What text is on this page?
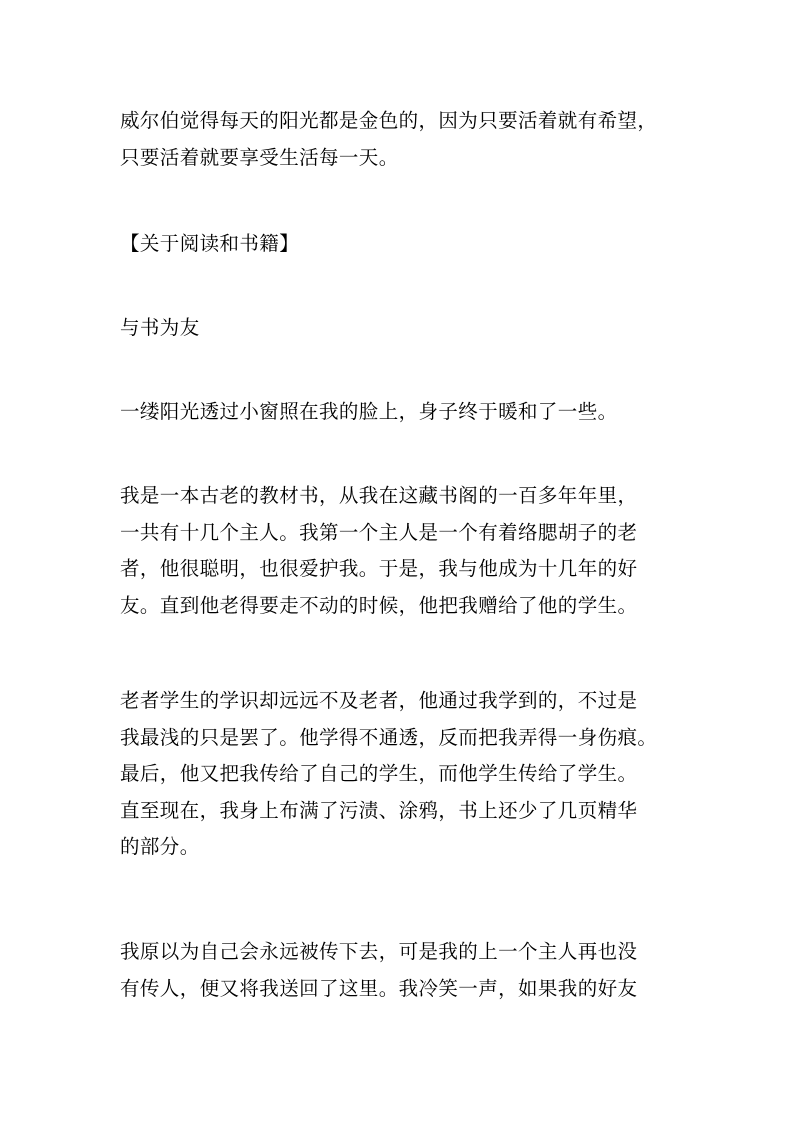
威尔伯觉得每天的阳光都是金色的，因为只要活着就有希望，
只要活着就要享受生活每一天。

【关于阅读和书籍】

与书为友

一缕阳光透过小窗照在我的脸上，身子终于暖和了一些。

我是一本古老的教材书，从我在这藏书阁的一百多年年里，
一共有十几个主人。我第一个主人是一个有着络腮胡子的老
者，他很聪明，也很爱护我。于是，我与他成为十几年的好
友。直到他老得要走不动的时候，他把我赠给了他的学生。

老者学生的学识却远远不及老者，他通过我学到的，不过是
我最浅的只是罢了。他学得不通透，反而把我弄得一身伤痕。
最后，他又把我传给了自己的学生，而他学生传给了学生。
直至现在，我身上布满了污渍、涂鸦，书上还少了几页精华
的部分。

我原以为自己会永远被传下去，可是我的上一个主人再也没
有传人，便又将我送回了这里。我冷笑一声，如果我的好友
